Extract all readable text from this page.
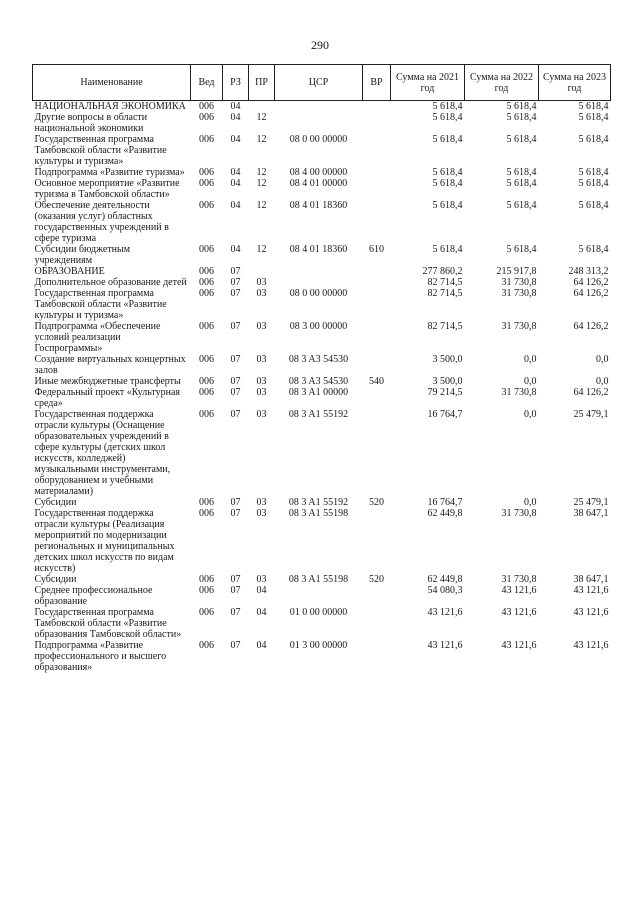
290
Наименование	Вед	РЗ	ПР	ЦСР	ВР	Сумма на 2021 год	Сумма на 2022 год	Сумма на 2023 год
НАЦИОНАЛЬНАЯ ЭКОНОМИКА	006	04				5 618,4	5 618,4	5 618,4
Другие вопросы в области национальной экономики	006	04	12			5 618,4	5 618,4	5 618,4
Государственная программа Тамбовской области «Развитие культуры и туризма»	006	04	12	08 0 00 00000		5 618,4	5 618,4	5 618,4
Подпрограмма «Развитие туризма»	006	04	12	08 4 00 00000		5 618,4	5 618,4	5 618,4
Основное мероприятие «Развитие туризма в Тамбовской области»	006	04	12	08 4 01 00000		5 618,4	5 618,4	5 618,4
Обеспечение деятельности (оказания услуг) областных государственных учреждений в сфере туризма	006	04	12	08 4 01 18360		5 618,4	5 618,4	5 618,4
Субсидии бюджетным учреждениям	006	04	12	08 4 01 18360	610	5 618,4	5 618,4	5 618,4
ОБРАЗОВАНИЕ	006	07				277 860,2	215 917,8	248 313,2
Дополнительное образование детей	006	07	03			82 714,5	31 730,8	64 126,2
Государственная программа Тамбовской области «Развитие культуры и туризма»	006	07	03	08 0 00 00000		82 714,5	31 730,8	64 126,2
Подпрограмма «Обеспечение условий реализации Госпрограммы»	006	07	03	08 3 00 00000		82 714,5	31 730,8	64 126,2
Создание виртуальных концертных залов	006	07	03	08 3 A3 54530		3 500,0	0,0	0,0
Иные межбюджетные трансферты	006	07	03	08 3 A3 54530	540	3 500,0	0,0	0,0
Федеральный проект «Культурная среда»	006	07	03	08 3 A1 00000		79 214,5	31 730,8	64 126,2
Государственная поддержка отрасли культуры (Оснащение образовательных учреждений в сфере культуры (детских школ искусств, колледжей) музыкальными инструментами, оборудованием и учебными материалами)	006	07	03	08 3 A1 55192		16 764,7	0,0	25 479,1
Субсидии	006	07	03	08 3 A1 55192	520	16 764,7	0,0	25 479,1
Государственная поддержка отрасли культуры (Реализация мероприятий по модернизации региональных и муниципальных детских школ искусств по видам искусств)	006	07	03	08 3 A1 55198		62 449,8	31 730,8	38 647,1
Субсидии	006	07	03	08 3 A1 55198	520	62 449,8	31 730,8	38 647,1
Среднее профессиональное образование	006	07	04			54 080,3	43 121,6	43 121,6
Государственная программа Тамбовской области «Развитие образования Тамбовской области»	006	07	04	01 0 00 00000		43 121,6	43 121,6	43 121,6
Подпрограмма «Развитие профессионального и высшего образования»	006	07	04	01 3 00 00000		43 121,6	43 121,6	43 121,6
